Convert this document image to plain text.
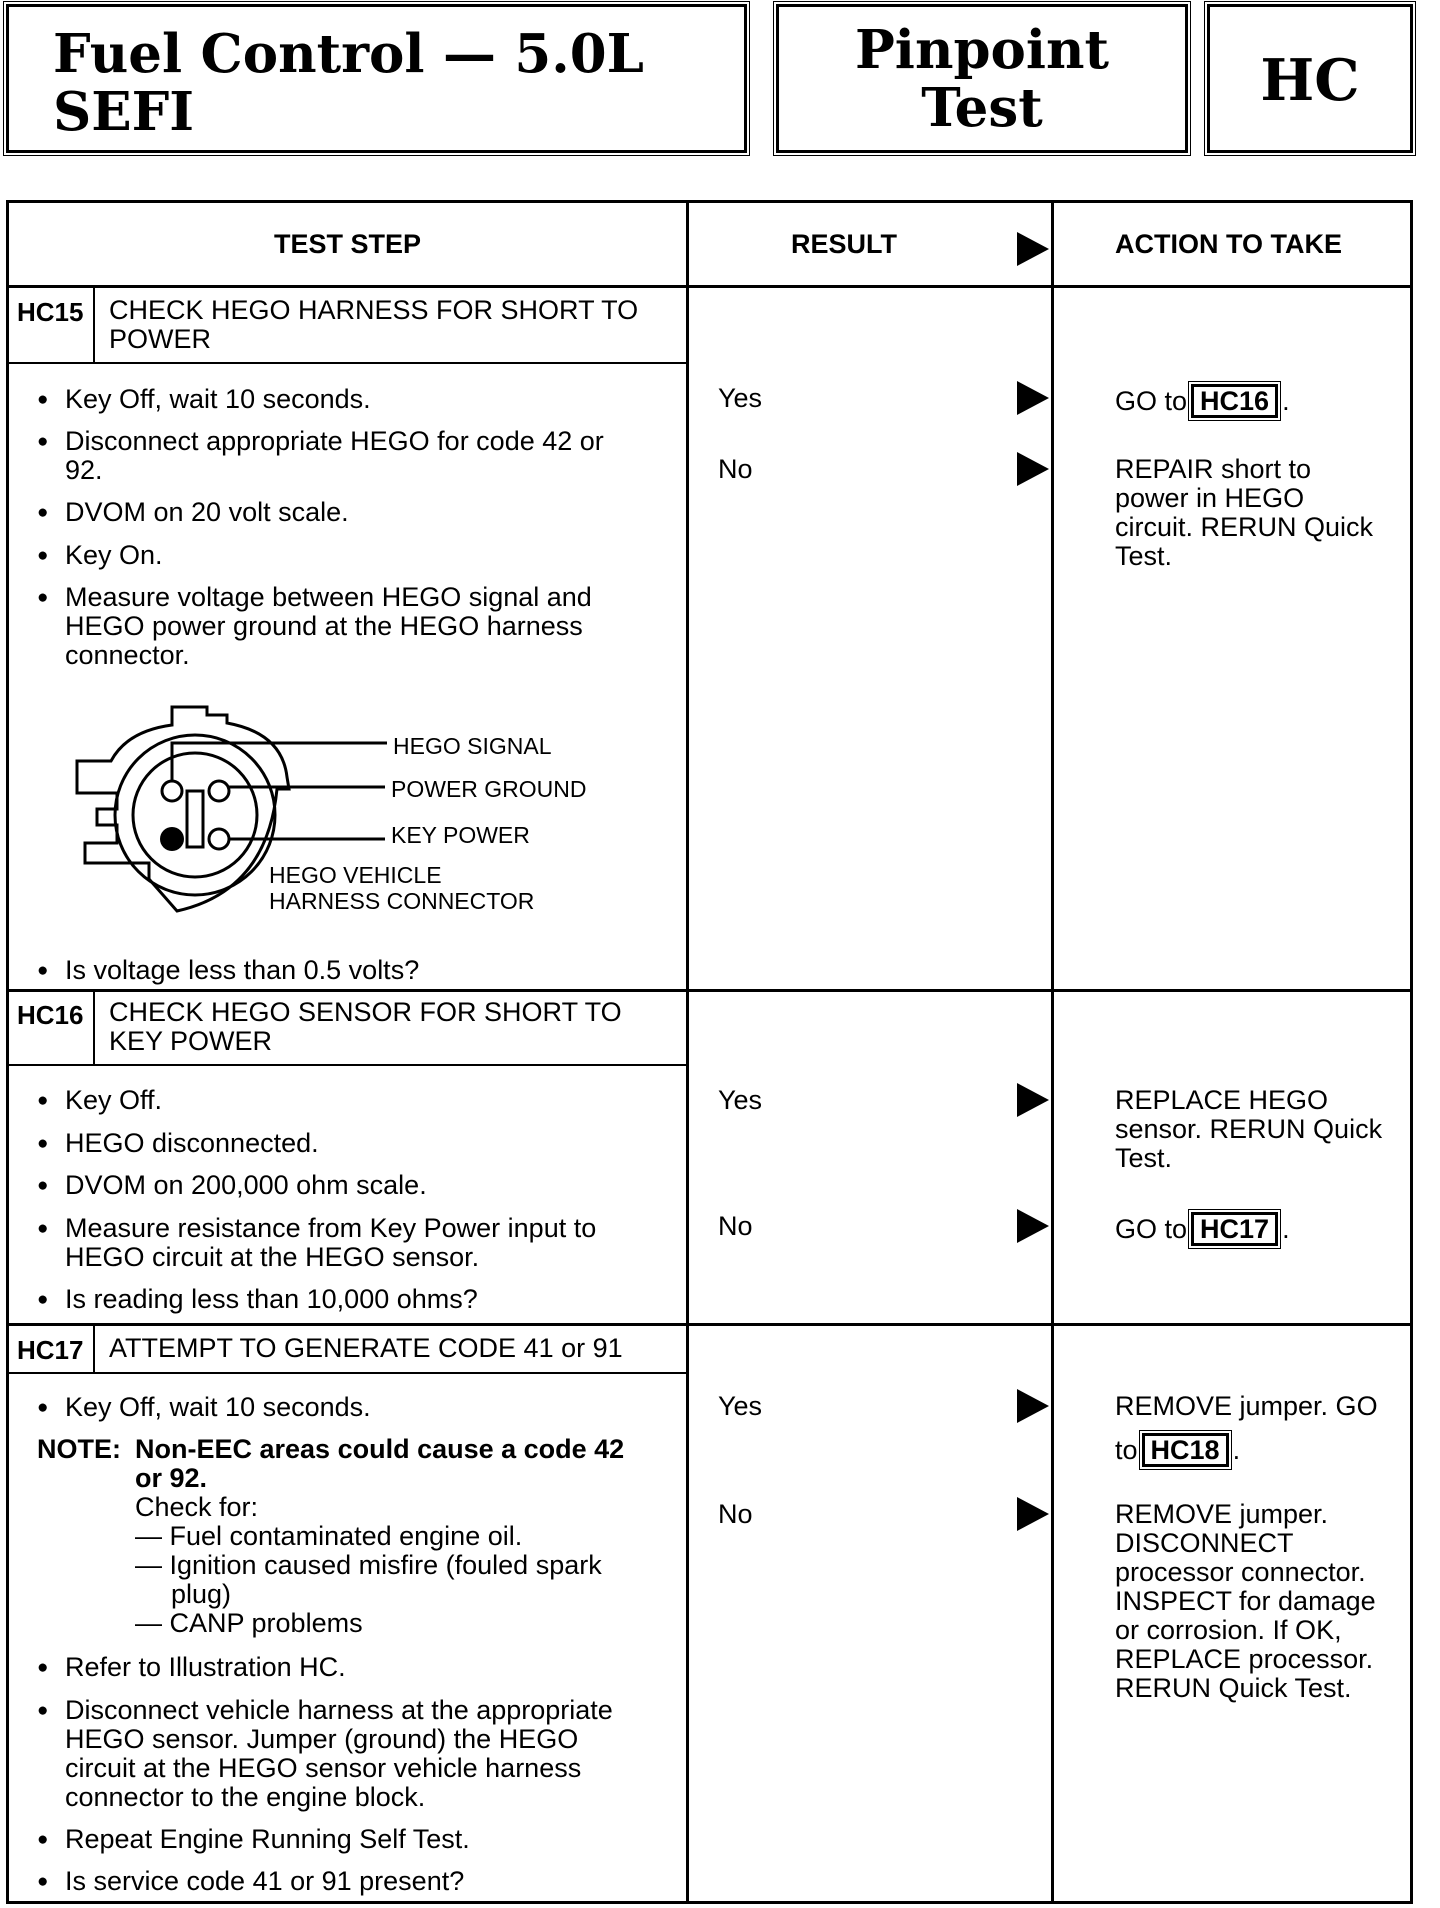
Fuel Control — 5.0L
SEFI
Pinpoint
Test	HC
TEST STEP	RESULT	ACTION TO TAKE
HC15 CHECK HEGO HARNESS FOR SHORT TO
POWER
● Key Off, wait 10 seconds.
● Disconnect appropriate HEGO for code 42 or
92.
● DVOM on 20 volt scale.
● Key On.
● Measure voltage between HEGO signal and
HEGO power ground at the HEGO harness
connector.
HEGO SIGNAL
POWER GROUND
KEY POWER
HEGO VEHICLE
HARNESS CONNECTOR
● Is voltage less than 0.5 volts?
Yes	GO to HC16 .
No	REPAIR short to
power in HEGO
circuit. RERUN Quick
Test.
HC16 CHECK HEGO SENSOR FOR SHORT TO
KEY POWER
● Key Off.
● HEGO disconnected.
● DVOM on 200,000 ohm scale.
● Measure resistance from Key Power input to
HEGO circuit at the HEGO sensor.
● Is reading less than 10,000 ohms?
Yes	REPLACE HEGO
sensor. RERUN Quick
Test.
No	GO to HC17 .
HC17 ATTEMPT TO GENERATE CODE 41 or 91
● Key Off, wait 10 seconds.
NOTE: Non-EEC areas could cause a code 42
or 92.
Check for:
— Fuel contaminated engine oil.
— Ignition caused misfire (fouled spark
plug)
— CANP problems
● Refer to Illustration HC.
● Disconnect vehicle harness at the appropriate
HEGO sensor. Jumper (ground) the HEGO
circuit at the HEGO sensor vehicle harness
connector to the engine block.
● Repeat Engine Running Self Test.
● Is service code 41 or 91 present?
Yes	REMOVE jumper. GO
to HC18 .
No	REMOVE jumper.
DISCONNECT
processor connector.
INSPECT for damage
or corrosion. If OK,
REPLACE processor.
RERUN Quick Test.
